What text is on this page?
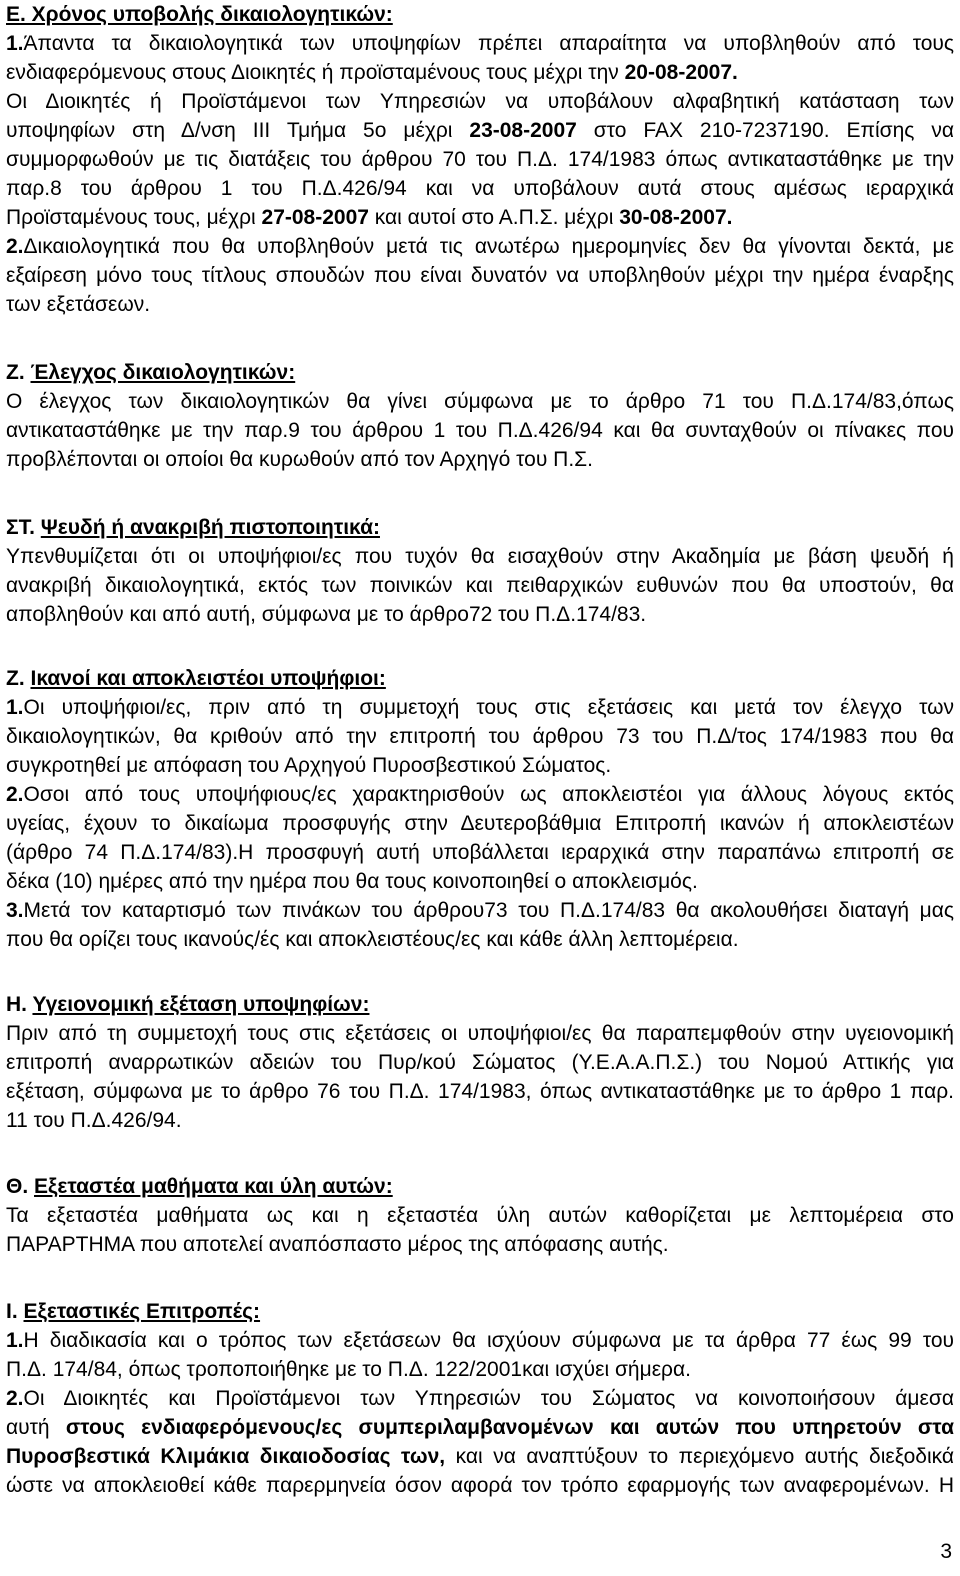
Ε. Χρόνος υποβολής δικαιολογητικών:
1.Άπαντα τα δικαιολογητικά των υποψηφίων πρέπει απαραίτητα να υποβληθούν από τους
ενδιαφερόμενους στους Διοικητές ή προϊσταμένους τους μέχρι την 20-08-2007.
Οι Διοικητές ή Προϊστάμενοι των Υπηρεσιών να υποβάλουν αλφαβητική κατάσταση των
υποψηφίων στη Δ/νση ΙΙΙ Τμήμα 5ο μέχρι 23-08-2007 στο FAX 210-7237190. Επίσης να
συμμορφωθούν με τις διατάξεις του άρθρου 70 του Π.Δ. 174/1983 όπως αντικαταστάθηκε με την
παρ.8 του άρθρου 1 του Π.Δ.426/94 και να υποβάλουν αυτά στους αμέσως ιεραρχικά
Προϊσταμένους τους, μέχρι 27-08-2007 και αυτοί στο Α.Π.Σ. μέχρι 30-08-2007.
2.Δικαιολογητικά που θα υποβληθούν μετά τις ανωτέρω ημερομηνίες δεν θα γίνονται δεκτά, με
εξαίρεση μόνο τους τίτλους σπουδών που είναι δυνατόν να υποβληθούν μέχρι την ημέρα έναρξης
των εξετάσεων.
Ζ. Έλεγχος δικαιολογητικών:
Ο έλεγχος των δικαιολογητικών θα γίνει σύμφωνα με το άρθρο 71 του Π.Δ.174/83,όπως
αντικαταστάθηκε με την παρ.9 του άρθρου 1 του Π.Δ.426/94 και θα συνταχθούν οι πίνακες που
προβλέπονται οι οποίοι θα κυρωθούν από τον Αρχηγό του Π.Σ.
ΣΤ. Ψευδή ή ανακριβή πιστοποιητικά:
Υπενθυμίζεται ότι οι υποψήφιοι/ες που τυχόν θα εισαχθούν στην Ακαδημία με βάση ψευδή ή
ανακριβή δικαιολογητικά, εκτός των ποινικών και πειθαρχικών ευθυνών που θα υποστούν, θα
αποβληθούν και από αυτή, σύμφωνα με το άρθρο72 του Π.Δ.174/83.
Ζ. Ικανοί και αποκλειστέοι υποψήφιοι:
1.Οι υποψήφιοι/ες, πριν από τη συμμετοχή τους στις εξετάσεις και μετά τον έλεγχο των
δικαιολογητικών, θα κριθούν από την επιτροπή του άρθρου 73 του Π.Δ/τος 174/1983 που θα
συγκροτηθεί με απόφαση του Αρχηγού Πυροσβεστικού Σώματος.
2.Οσοι από τους υποψήφιους/ες χαρακτηρισθούν ως αποκλειστέοι για άλλους λόγους εκτός
υγείας, έχουν το δικαίωμα προσφυγής στην Δευτεροβάθμια Επιτροπή ικανών ή αποκλειστέων
(άρθρο 74 Π.Δ.174/83).Η προσφυγή αυτή υποβάλλεται ιεραρχικά στην παραπάνω επιτροπή σε
δέκα (10) ημέρες από την ημέρα που θα τους κοινοποιηθεί ο αποκλεισμός.
3.Μετά τον καταρτισμό των πινάκων του άρθρου73 του Π.Δ.174/83 θα ακολουθήσει διαταγή μας
που θα ορίζει τους ικανούς/ές και αποκλειστέους/ες και κάθε άλλη λεπτομέρεια.
Η. Υγειονομική εξέταση υποψηφίων:
Πριν από τη συμμετοχή τους στις εξετάσεις οι υποψήφιοι/ες θα παραπεμφθούν στην υγειονομική
επιτροπή αναρρωτικών αδειών του Πυρ/κού Σώματος (Υ.Ε.Α.Α.Π.Σ.) του Νομού Αττικής για
εξέταση, σύμφωνα με το άρθρο 76 του Π.Δ. 174/1983, όπως αντικαταστάθηκε με το άρθρο 1 παρ.
11 του Π.Δ.426/94.
Θ. Εξεταστέα μαθήματα και ύλη αυτών:
Τα εξεταστέα μαθήματα ως και η εξεταστέα ύλη αυτών καθορίζεται με λεπτομέρεια στο
ΠΑΡΑΡΤΗΜΑ που αποτελεί αναπόσπαστο μέρος της απόφασης αυτής.
Ι. Εξεταστικές Επιτροπές:
1.Η διαδικασία και ο τρόπος των εξετάσεων θα ισχύουν σύμφωνα με τα άρθρα 77 έως 99 του
Π.Δ. 174/84, όπως τροποποιήθηκε με το Π.Δ. 122/2001και ισχύει σήμερα.
2.Οι Διοικητές και Προϊστάμενοι των Υπηρεσιών του Σώματος να κοινοποιήσουν άμεσα
αυτή στους ενδιαφερόμενους/ες συμπεριλαμβανομένων και αυτών που υπηρετούν στα
Πυροσβεστικά Κλιμάκια δικαιοδοσίας των, και να αναπτύξουν το περιεχόμενο αυτής διεξοδικά
ώστε να αποκλειοθεί κάθε παρερμηνεία όσον αφορά τον τρόπο εφαρμογής των αναφερομένων. Η
3
